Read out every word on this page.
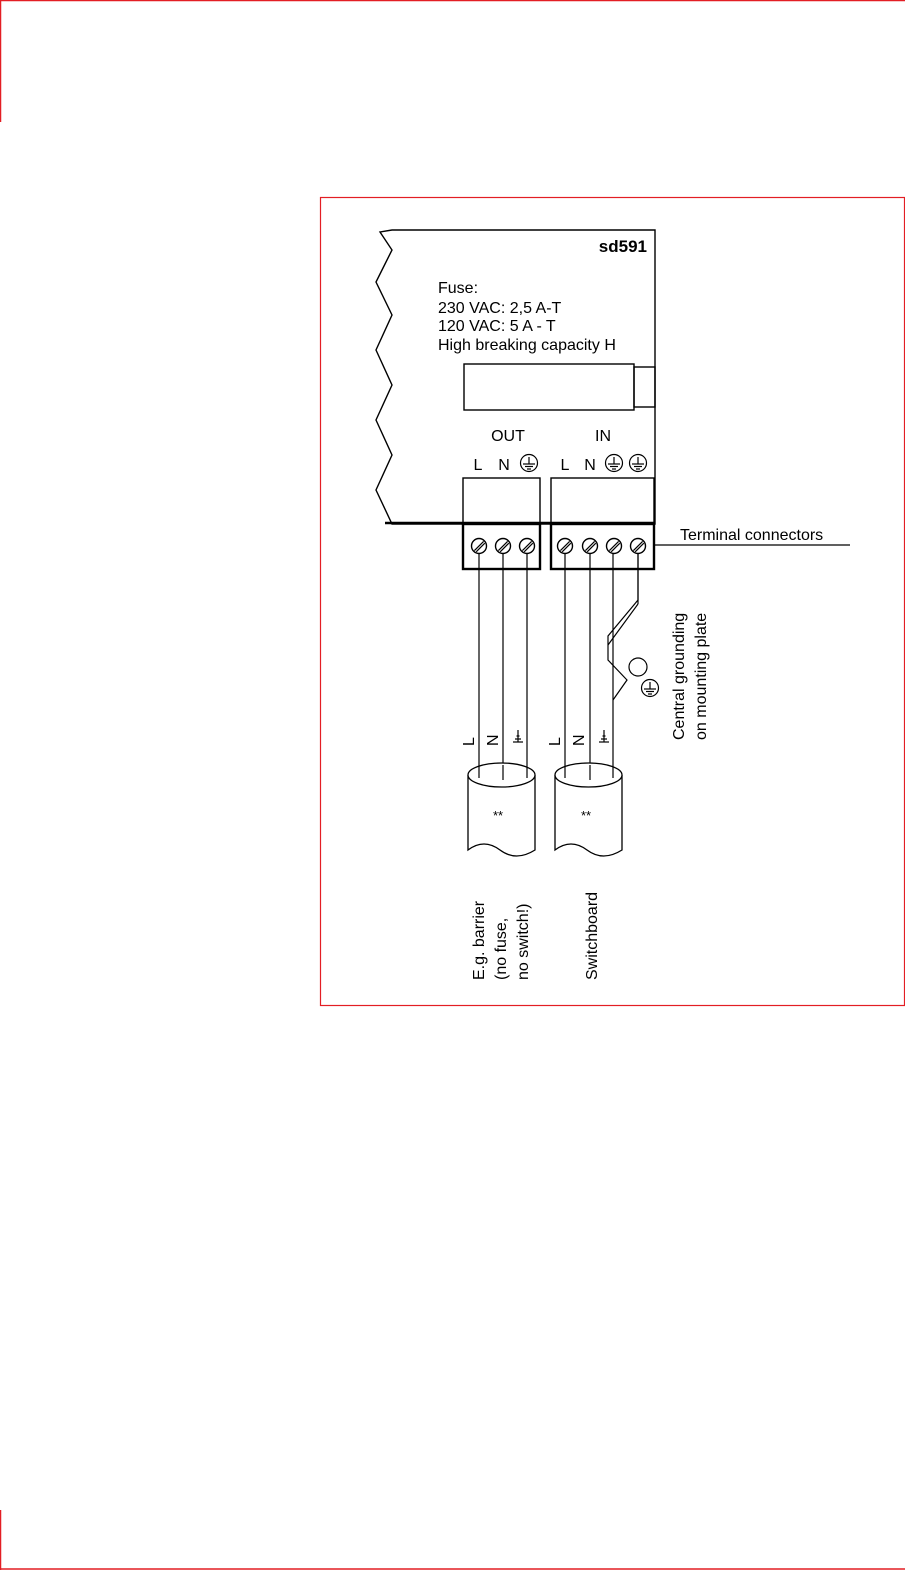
sd591
Fuse:
230 VAC: 2,5 A-T
120 VAC: 5 A - T
High breaking capacity H
OUT	IN
L N	L N
Terminal connectors
Central grounding on mounting plate
L N	L N
**	**
E.g. barrier (no fuse, no switch!)	Switchboard
